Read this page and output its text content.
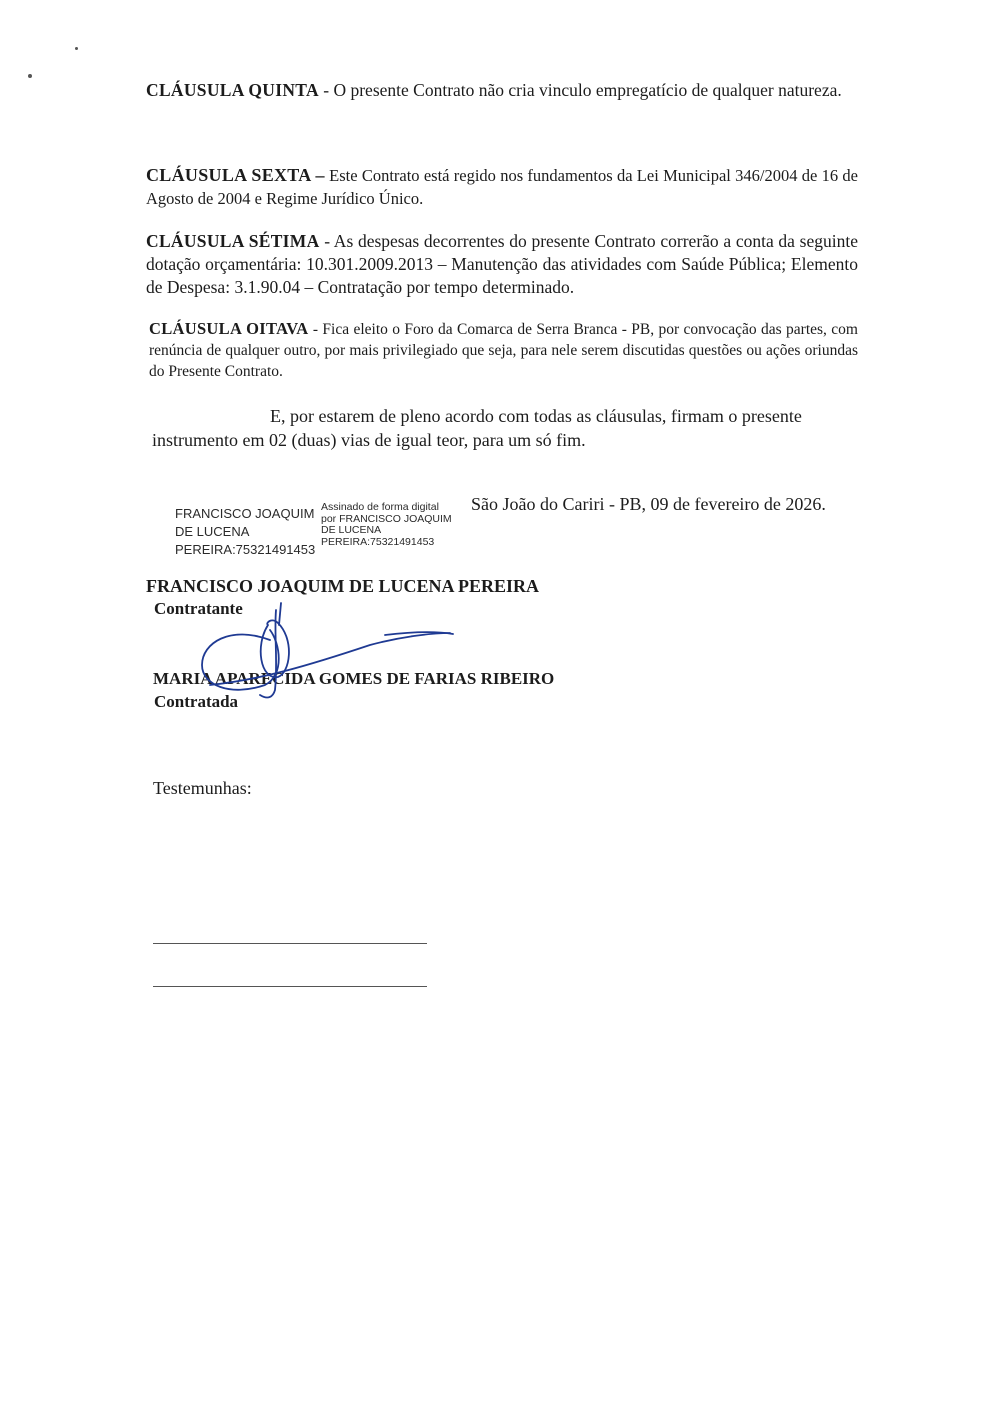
CLÁUSULA QUINTA - O presente Contrato não cria vinculo empregatício de qualquer natureza.

CLÁUSULA SEXTA – Este Contrato está regido nos fundamentos da Lei Municipal 346/2004 de 16 de Agosto de 2004 e Regime Jurídico Único.

CLÁUSULA SÉTIMA - As despesas decorrentes do presente Contrato correrão a conta da seguinte dotação orçamentária: 10.301.2009.2013 – Manutenção das atividades com Saúde Pública; Elemento de Despesa: 3.1.90.04 – Contratação por tempo determinado.

CLÁUSULA OITAVA - Fica eleito o Foro da Comarca de Serra Branca - PB, por convocação das partes, com renúncia de qualquer outro, por mais privilegiado que seja, para nele serem discutidas questões ou ações oriundas do Presente Contrato.

E, por estarem de pleno acordo com todas as cláusulas, firmam o presente
instrumento em 02 (duas) vias de igual teor, para um só fim.
FRANCISCO JOAQUIM
DE LUCENA
PEREIRA:75321491453
Assinado de forma digital
por FRANCISCO JOAQUIM
DE LUCENA
PEREIRA:75321491453
São João do Cariri - PB, 09 de fevereiro de 2026.
FRANCISCO JOAQUIM DE LUCENA PEREIRA
Contratante
MARIA APARECIDA GOMES DE FARIAS RIBEIRO
Contratada
Testemunhas:
